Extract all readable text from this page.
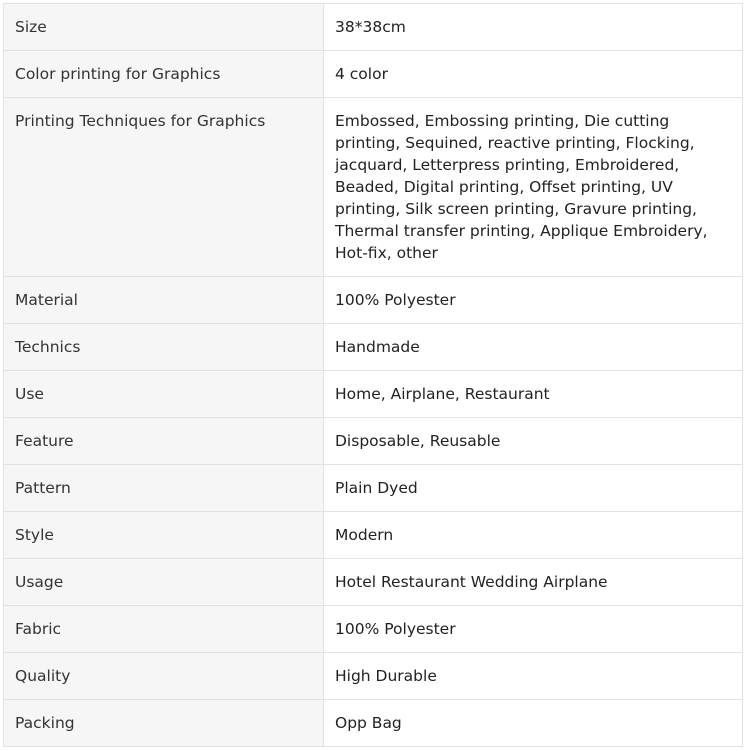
Size	38*38cm
Color printing for Graphics	4 color
Printing Techniques for Graphics	Embossed, Embossing printing, Die cutting printing, Sequined, reactive printing, Flocking, jacquard, Letterpress printing, Embroidered, Beaded, Digital printing, Offset printing, UV printing, Silk screen printing, Gravure printing, Thermal transfer printing, Applique Embroidery, Hot-fix, other
Material	100% Polyester
Technics	Handmade
Use	Home, Airplane, Restaurant
Feature	Disposable, Reusable
Pattern	Plain Dyed
Style	Modern
Usage	Hotel Restaurant Wedding Airplane
Fabric	100% Polyester
Quality	High Durable
Packing	Opp Bag
